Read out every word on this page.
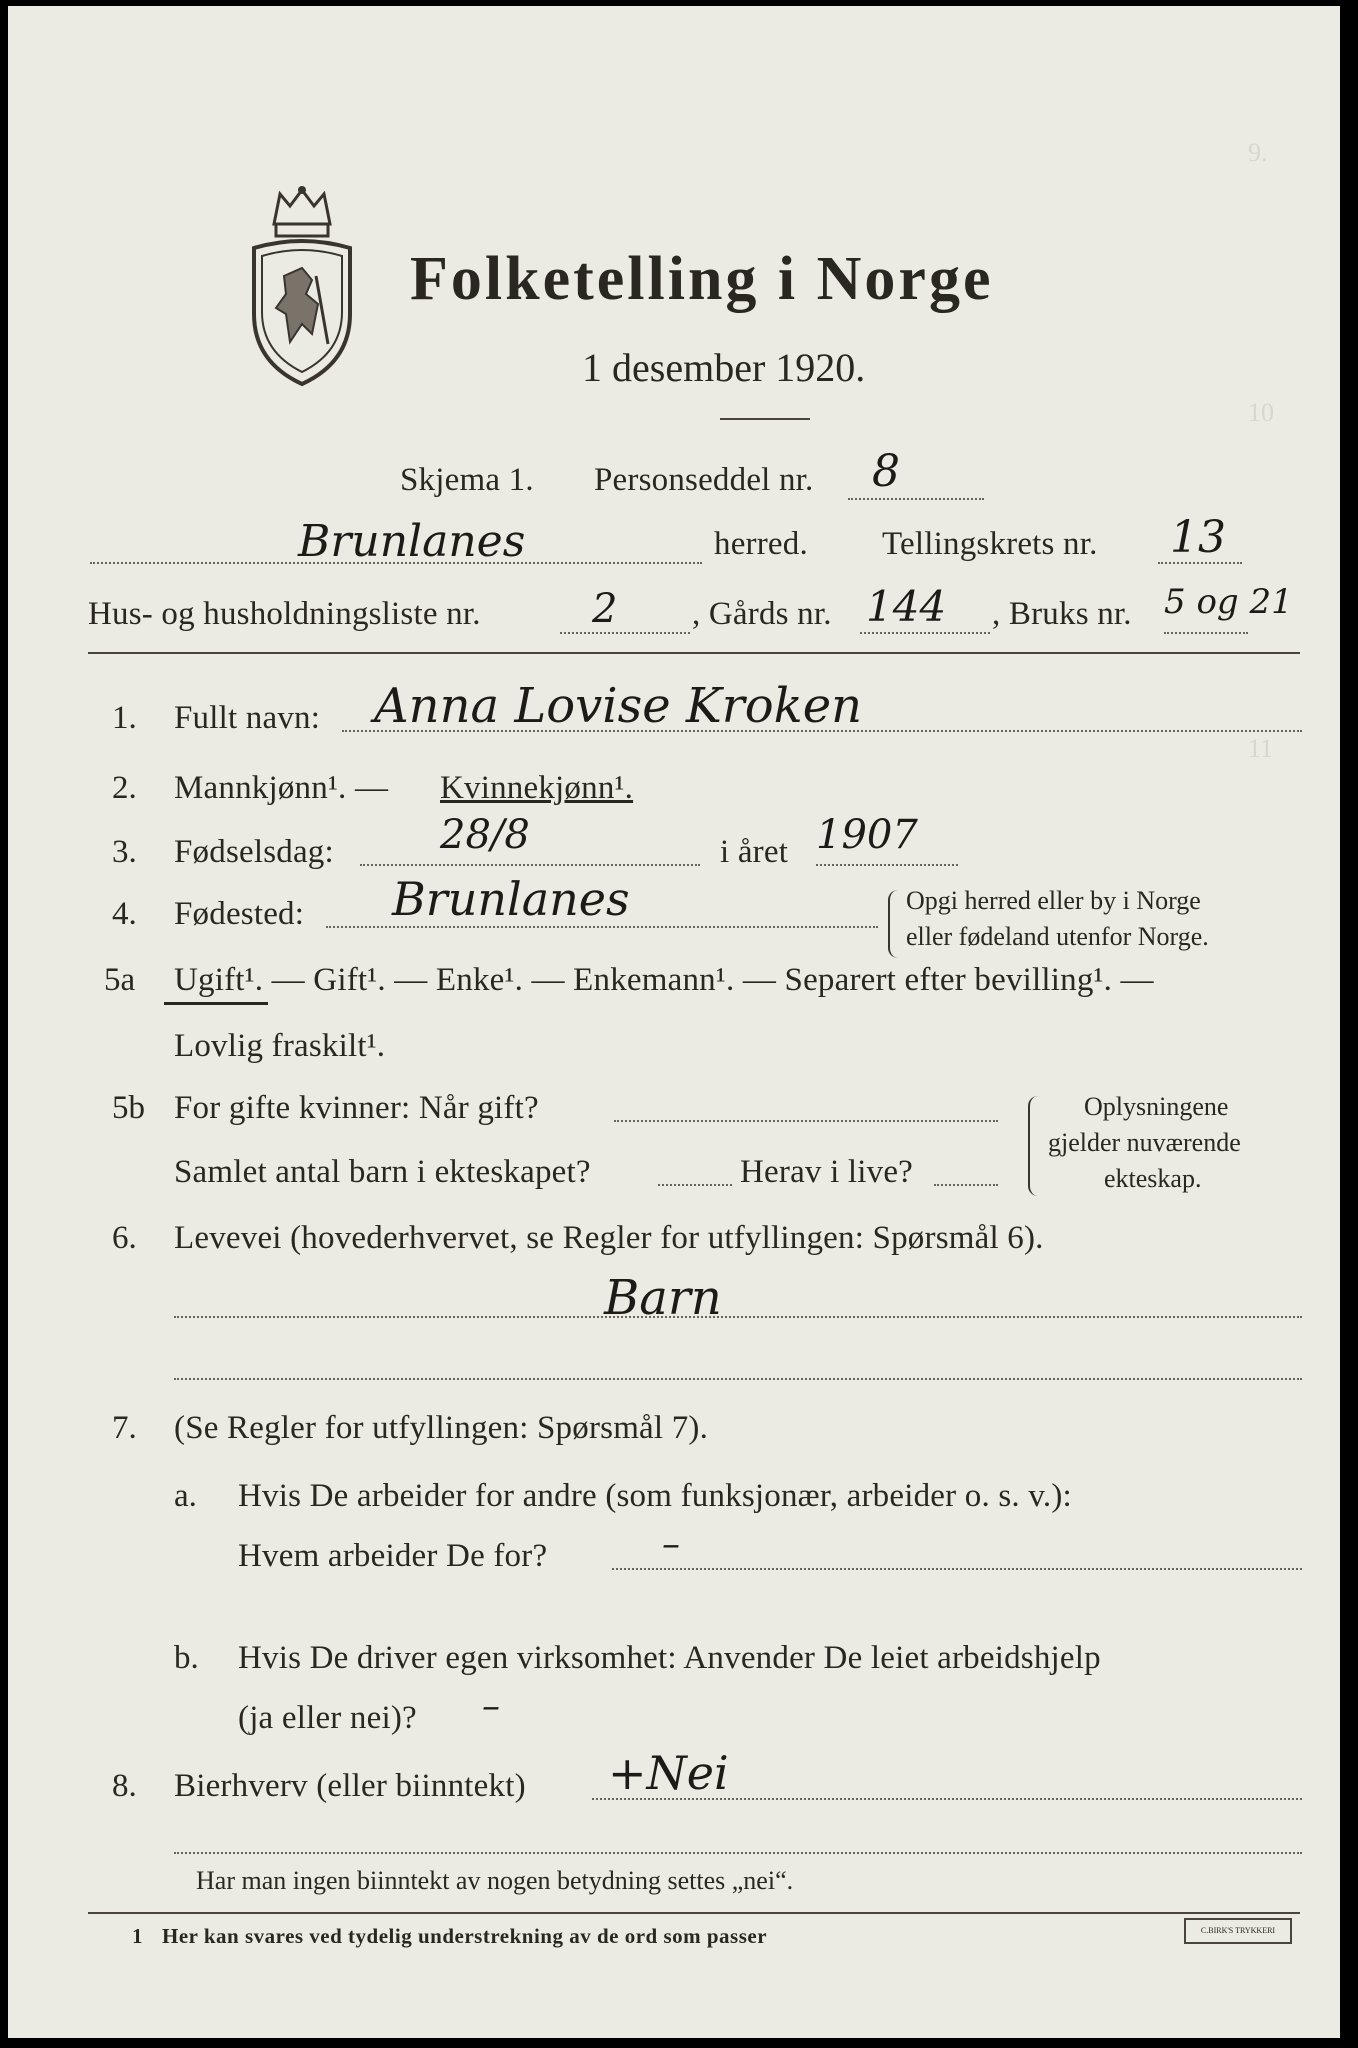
9.
10
11
Folketelling i Norge
1 desember 1920.
Skjema 1. Personseddel nr. 8
Brunlanes	herred. Tellingskrets nr. 13
Hus- og husholdningsliste nr.	2 , Gårds nr. 144 , Bruks nr. 5 og 21
1. Fullt navn: Anna Lovise Kroken
2. Mannkjønn¹. — Kvinnekjønn¹.
3. Fødselsdag:	28/8	i året 1907
4. Fødested: Brunlanes	Opgi herred eller by i Norge
eller fødeland utenfor Norge.
5a Ugift¹. — Gift¹. — Enke¹. — Enkemann¹. — Separert efter bevilling¹. —
Lovlig fraskilt¹.
5b For gifte kvinner: Når gift?
Samlet antal barn i ekteskapet?	Herav i live?
Oplysningene
gjelder nuværende
ekteskap.
6. Levevei (hovederhvervet, se Regler for utfyllingen: Spørsmål 6).
Barn
7. (Se Regler for utfyllingen: Spørsmål 7).
a. Hvis De arbeider for andre (som funksjonær, arbeider o. s. v.):
Hvem arbeider De for?	–
b. Hvis De driver egen virksomhet: Anvender De leiet arbeidshjelp
(ja eller nei)? –
8. Bierhverv (eller biinntekt) +Nei
Har man ingen biinntekt av nogen betydning settes „nei“.
1 Her kan svares ved tydelig understrekning av de ord som passer	C.BIRK'S TRYKKERI
